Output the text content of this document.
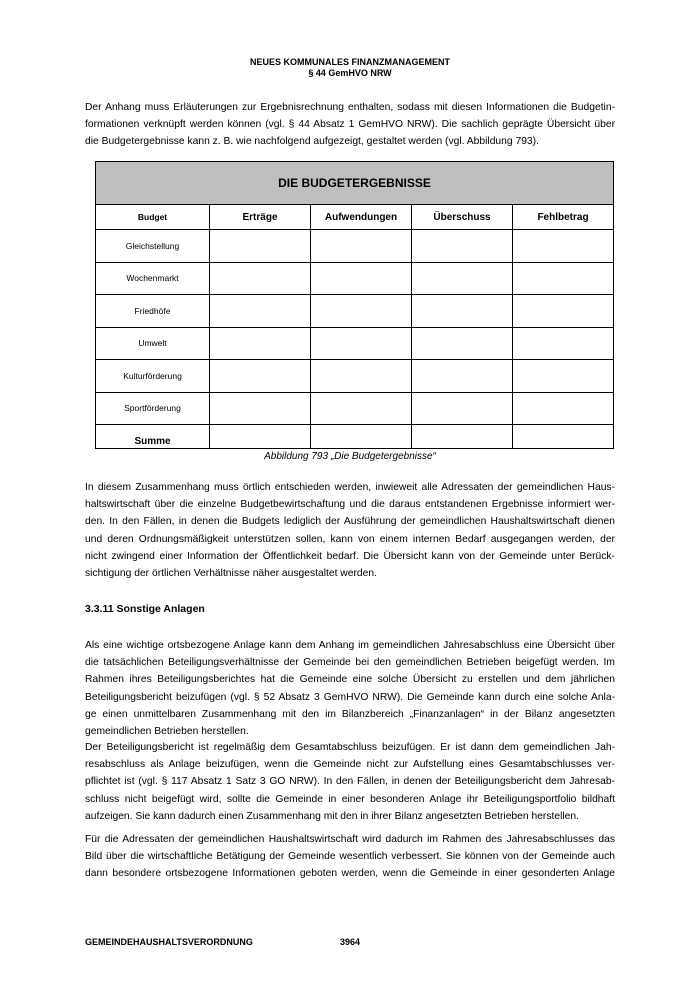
NEUES KOMMUNALES FINANZMANAGEMENT
§ 44 GemHVO NRW
Der Anhang muss Erläuterungen zur Ergebnisrechnung enthalten, sodass mit diesen Informationen die Budgetin-
formationen verknüpft werden können (vgl. § 44 Absatz 1 GemHVO NRW). Die sachlich geprägte Übersicht über
die Budgetergebnisse kann z. B. wie nachfolgend aufgezeigt, gestaltet werden (vgl. Abbildung 793).
DIE BUDGETERGEBNISSE				
Budget	Erträge	Aufwendungen	Überschuss	Fehlbetrag
Gleichstellung				
Wochenmarkt				
Friedhöfe				
Umwelt				
Kulturförderung				
Sportförderung				
Summe				
Abbildung 793 „Die Budgetergebnisse“
In diesem Zusammenhang muss örtlich entschieden werden, inwieweit alle Adressaten der gemeindlichen Haus-
haltswirtschaft über die einzelne Budgetbewirtschaftung und die daraus entstandenen Ergebnisse informiert wer-
den. In den Fällen, in denen die Budgets lediglich der Ausführung der gemeindlichen Haushaltswirtschaft dienen
und deren Ordnungsmäßigkeit unterstützen sollen, kann von einem internen Bedarf ausgegangen werden, der
nicht zwingend einer Information der Öffentlichkeit bedarf. Die Übersicht kann von der Gemeinde unter Berück-
sichtigung der örtlichen Verhältnisse näher ausgestaltet werden.
3.3.11 Sonstige Anlagen
Als eine wichtige ortsbezogene Anlage kann dem Anhang im gemeindlichen Jahresabschluss eine Übersicht über
die tatsächlichen Beteiligungsverhältnisse der Gemeinde bei den gemeindlichen Betrieben beigefügt werden. Im
Rahmen ihres Beteiligungsberichtes hat die Gemeinde eine solche Übersicht zu erstellen und dem jährlichen
Beteiligungsbericht beizufügen (vgl. § 52 Absatz 3 GemHVO NRW). Die Gemeinde kann durch eine solche Anla-
ge einen unmittelbaren Zusammenhang mit den im Bilanzbereich „Finanzanlagen“ in der Bilanz angesetzten
gemeindlichen Betrieben herstellen.
Der Beteiligungsbericht ist regelmäßig dem Gesamtabschluss beizufügen. Er ist dann dem gemeindlichen Jah-
resabschluss als Anlage beizufügen, wenn die Gemeinde nicht zur Aufstellung eines Gesamtabschlusses ver-
pflichtet ist (vgl. § 117 Absatz 1 Satz 3 GO NRW). In den Fällen, in denen der Beteiligungsbericht dem Jahresab-
schluss nicht beigefügt wird, sollte die Gemeinde in einer besonderen Anlage ihr Beteiligungsportfolio bildhaft
aufzeigen. Sie kann dadurch einen Zusammenhang mit den in ihrer Bilanz angesetzten Betrieben herstellen.
Für die Adressaten der gemeindlichen Haushaltswirtschaft wird dadurch im Rahmen des Jahresabschlusses das
Bild über die wirtschaftliche Betätigung der Gemeinde wesentlich verbessert. Sie können von der Gemeinde auch
dann besondere ortsbezogene Informationen geboten werden, wenn die Gemeinde in einer gesonderten Anlage
GEMEINDEHAUSHALTSVERORDNUNG	3964
